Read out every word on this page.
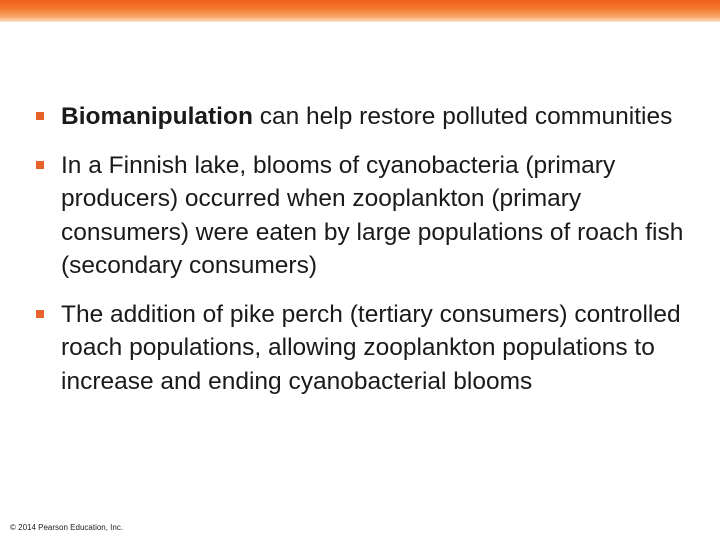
Biomanipulation can help restore polluted communities
In a Finnish lake, blooms of cyanobacteria (primary producers) occurred when zooplankton (primary consumers) were eaten by large populations of roach fish (secondary consumers)
The addition of pike perch (tertiary consumers) controlled roach populations, allowing zooplankton populations to increase and ending cyanobacterial blooms
© 2014 Pearson Education, Inc.
